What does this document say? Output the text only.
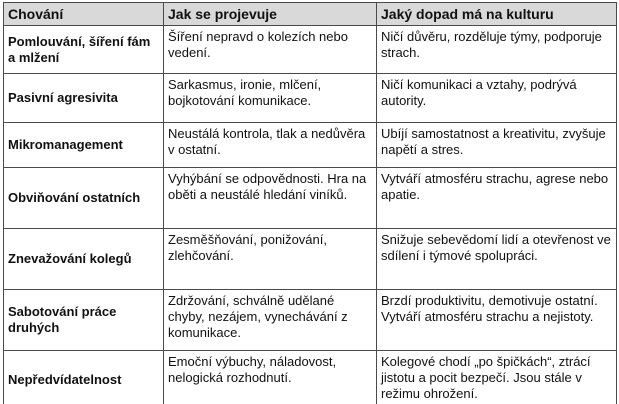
Chování	Jak se projevuje	Jaký dopad má na kulturu
Pomlouvání, šíření fám a mlžení	Šíření nepravd o kolezích nebo vedení.	Ničí důvěru, rozděluje týmy, podporuje strach.
Pasivní agresivita	Sarkasmus, ironie, mlčení, bojkotování komunikace.	Ničí komunikaci a vztahy, podrývá autority.
Mikromanagement	Neustálá kontrola, tlak a nedůvěra v ostatní.	Ubíjí samostatnost a kreativitu, zvyšuje napětí a stres.
Obviňování ostatních	Vyhýbání se odpovědnosti. Hra na oběti a neustálé hledání viníků.	Vytváří atmosféru strachu, agrese nebo apatie.
Znevažování kolegů	Zesměšňování, ponižování, zlehčování.	Snižuje sebevědomí lidí a otevřenost ve sdílení i týmové spolupráci.
Sabotování práce druhých	Zdržování, schválně udělané chyby, nezájem, vynechávání z komunikace.	Brzdí produktivitu, demotivuje ostatní. Vytváří atmosféru strachu a nejistoty.
Nepředvídatelnost	Emoční výbuchy, náladovost, nelogická rozhodnutí.	Kolegové chodí „po špičkách“, ztrácí jistotu a pocit bezpečí. Jsou stále v režimu ohrožení.
